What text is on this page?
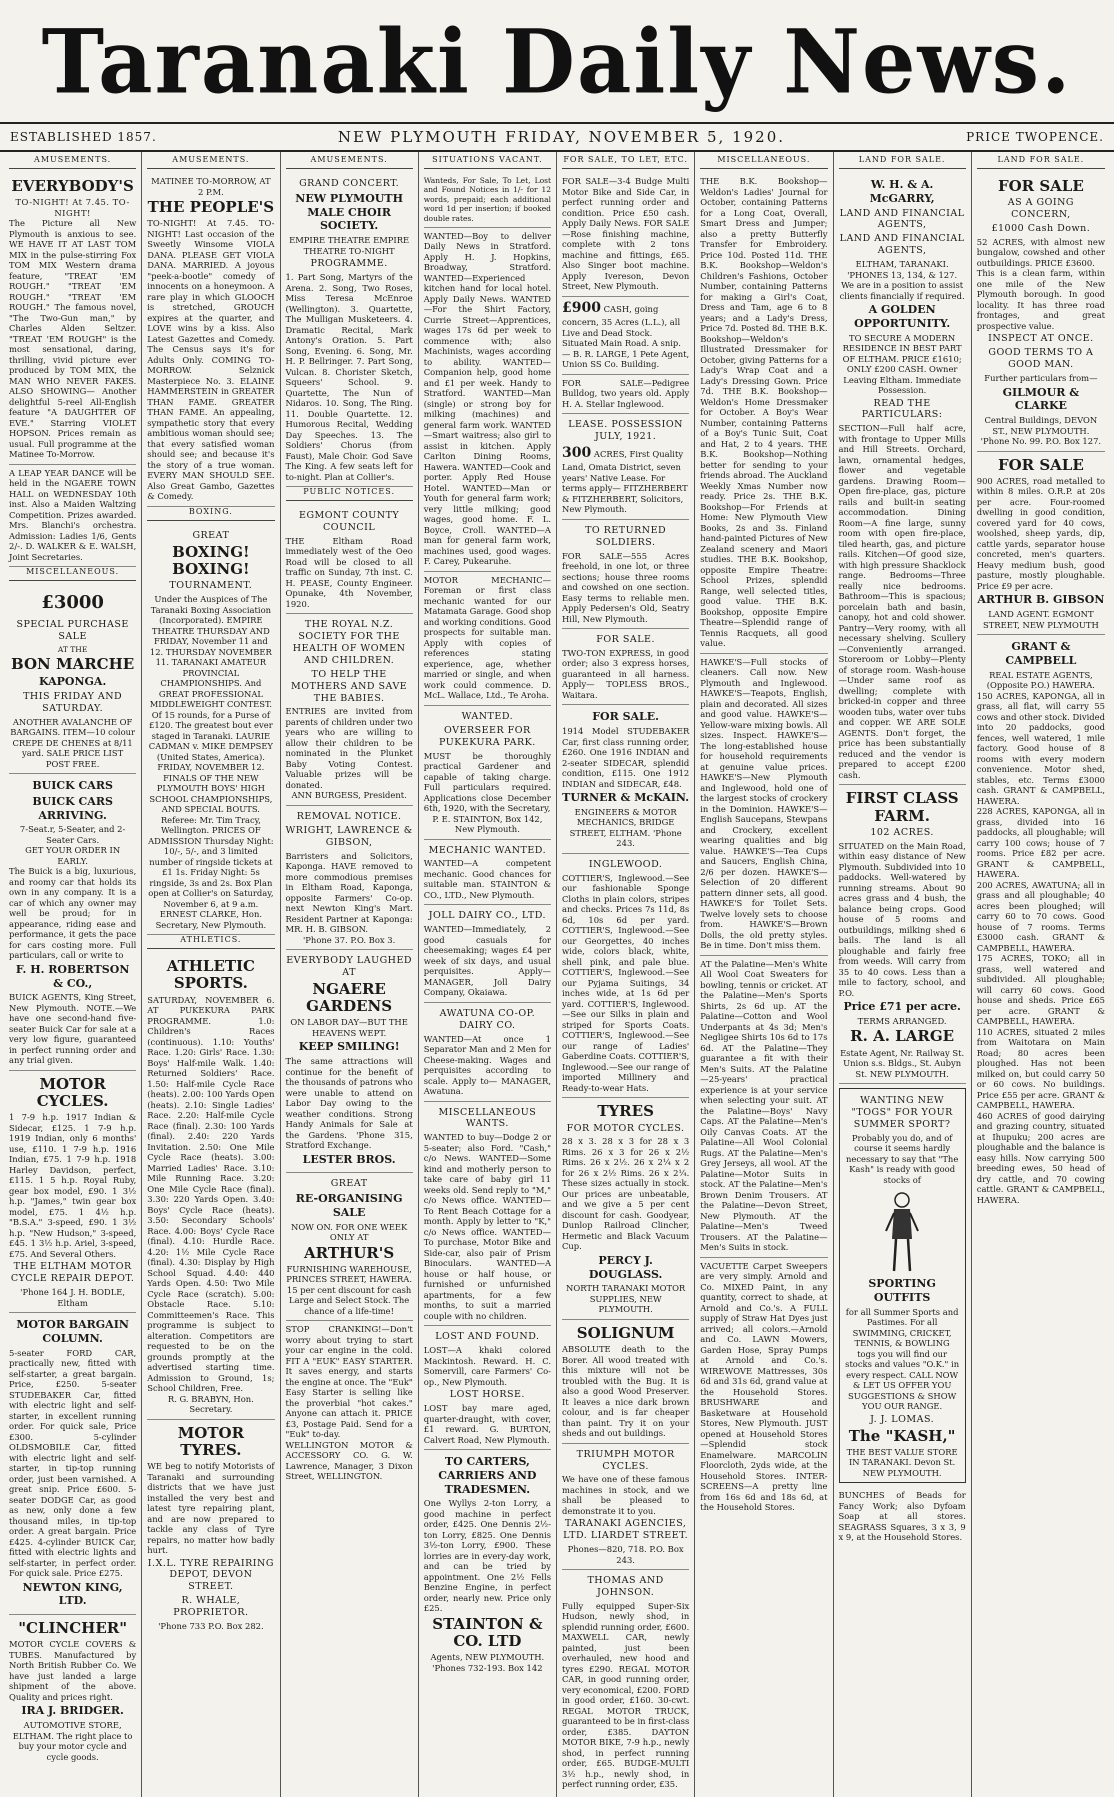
Taranaki Daily News.
ESTABLISHED 1857.	NEW PLYMOUTH FRIDAY, NOVEMBER 5, 1920.	PRICE TWOPENCE.
AMUSEMENTS.
EVERYBODY'S
TO-NIGHT! At 7.45. TO-NIGHT!
The Picture all New Plymouth is anxious to see. WE HAVE IT AT LAST TOM MIX in the pulse-stirring Fox TOM MIX Western drama feature, "TREAT 'EM ROUGH." "TREAT 'EM ROUGH." "TREAT 'EM ROUGH." The famous novel, "The Two-Gun man," by Charles Alden Seltzer. "TREAT 'EM ROUGH" is the most sensational, daring, thrilling, vivid picture ever produced by TOM MIX, the MAN WHO NEVER FAKES. ALSO SHOWING— Another delightful 5-reel All-English feature "A DAUGHTER OF EVE." Starring VIOLET HOPSON. Prices remain as usual. Full programme at the Matinee To-Morrow.
A LEAP YEAR DANCE will be held in the NGAERE TOWN HALL on WEDNESDAY 10th inst. Also a Maiden Waltzing Competition. Prizes awarded. Mrs. Blanchi's orchestra. Admission: Ladies 1/6, Gents 2/-. D. WALKER & E. WALSH, Joint Secretaries.
MISCELLANEOUS.
£3000
SPECIAL PURCHASE SALE
AT THE
BON MARCHE
KAPONGA.
THIS FRIDAY AND SATURDAY.
ANOTHER AVALANCHE OF BARGAINS. ITEM—10 colour CREPE DE CHENES at 8/11 yard. SALE PRICE LIST POST FREE.
BUICK CARS
BUICK CARS ARRIVING.
7-Seat.r, 5-Seater, and 2-Seater Cars.
GET YOUR ORDER IN EARLY.
The Buick is a big, luxurious, and roomy car that holds its own in any company. It is a car of which any owner may well be proud; for in appearance, riding ease and performance, it gets the pace for cars costing more. Full particulars, call or write to
F. H. ROBERTSON & CO.,
BUICK AGENTS, King Street, New Plymouth. NOTE.—We have one second-hand five-seater Buick Car for sale at a very low figure, guaranteed in perfect running order and any trial given.
MOTOR CYCLES.
1 7-9 h.p. 1917 Indian & Sidecar, £125. 1 7-9 h.p. 1919 Indian, only 6 months' use, £110. 1 7-9 h.p. 1916 Indian, £75. 1 7-9 h.p. 1918 Harley Davidson, perfect, £115. 1 5 h.p. Royal Ruby, gear box model, £90. 1 3½ h.p. "James," twin gear box model, £75. 1 4½ h.p. "B.S.A." 3-speed, £90. 1 3½ h.p. "New Hudson," 3-speed, £45. 1 3½ h.p. Ariel, 3-speed, £75. And Several Others.
THE ELTHAM MOTOR CYCLE REPAIR DEPOT.
'Phone 164 J. H. BODLE, Eltham
MOTOR BARGAIN COLUMN.
5-seater FORD CAR, practically new, fitted with self-starter, a great bargain. Price, £250. 5-seater STUDEBAKER Car, fitted with electric light and self-starter, in excellent running order. For quick sale, Price £300. 5-cylinder OLDSMOBILE Car, fitted with electric light and self-starter, in tip-top running order, just been varnished. A great snip. Price £600. 5-seater DODGE Car, as good as new, only done a few thousand miles, in tip-top order. A great bargain. Price £425. 4-cylinder BUICK Car, fitted with electric lights and self-starter, in perfect order. For quick sale. Price £275.
NEWTON KING, LTD.
"CLINCHER"
MOTOR CYCLE COVERS & TUBES. Manufactured by North British Rubber Co. We have just landed a large shipment of the above. Quality and prices right.
IRA J. BRIDGER.
AUTOMOTIVE STORE, ELTHAM. The right place to buy your motor cycle and cycle goods.
AMUSEMENTS.
MATINEE TO-MORROW, AT 2 P.M.
THE PEOPLE'S
TO-NIGHT! At 7.45. TO-NIGHT! Last occasion of the Sweetly Winsome VIOLA DANA. PLEASE GET VIOLA DANA. MARRIED. A joyous "peek-a-bootle" comedy of innocents on a honeymoon. A rare play in which GLOOCH is stretched, GROUCH expires at the quarter, and LOVE wins by a kiss. Also Latest Gazettes and Comedy. The Census says it's for Adults Only. COMING TO-MORROW. Selznick Masterpiece No. 3. ELAINE HAMMERSTEIN in GREATER THAN FAME. GREATER THAN FAME. An appealing, sympathetic story that every ambitious woman should see; that every satisfied woman should see; and because it's the story of a true woman. EVERY MAN SHOULD SEE. Also Great Gambo, Gazettes & Comedy.
BOXING.
GREAT
BOXING! BOXING!
TOURNAMENT.
Under the Auspices of The Taranaki Boxing Association (Incorporated). EMPIRE THEATRE THURSDAY AND FRIDAY, November 11 and 12. THURSDAY NOVEMBER 11. TARANAKI AMATEUR PROVINCIAL CHAMPIONSHIPS. And GREAT PROFESSIONAL MIDDLEWEIGHT CONTEST. Of 15 rounds, for a Purse of £120. The greatest bout ever staged in Taranaki. LAURIE CADMAN v. MIKE DEMPSEY (United States, America). FRIDAY, NOVEMBER 12. FINALS OF THE NEW PLYMOUTH BOYS' HIGH SCHOOL CHAMPIONSHIPS, AND SPECIAL BOUTS. Referee: Mr. Tim Tracy, Wellington. PRICES OF ADMISSION Thursday Night: 10/-, 5/-, and 3 limited number of ringside tickets at £1 1s. Friday Night: 5s ringside, 3s and 2s. Box Plan open at Collier's on Saturday, November 6, at 9 a.m.
ERNEST CLARKE, Hon. Secretary, New Plymouth.
ATHLETICS.
ATHLETIC SPORTS.
SATURDAY, NOVEMBER 6. AT PUKEKURA PARK PROGRAMME. 1.0: Children's Races (continuous). 1.10: Youths' Race. 1.20: Girls' Race. 1.30: Boys' Half-mile Walk. 1.40: Returned Soldiers' Race. 1.50: Half-mile Cycle Race (heats). 2.00: 100 Yards Open (heats). 2.10: Single Ladies' Race. 2.20: Half-mile Cycle Race (final). 2.30: 100 Yards (final). 2.40: 220 Yards Invitation. 2.50: One Mile Cycle Race (heats). 3.00: Married Ladies' Race. 3.10: Mile Running Race. 3.20: One Mile Cycle Race (final). 3.30: 220 Yards Open. 3.40: Boys' Cycle Race (heats). 3.50: Secondary Schools' Race. 4.00: Boys' Cycle Race (final). 4.10: Hurdle Race. 4.20: 1½ Mile Cycle Race (final). 4.30: Display by High School Squad. 4.40: 440 Yards Open. 4.50: Two Mile Cycle Race (scratch). 5.00: Obstacle Race. 5.10: Committeemen's Race. This programme is subject to alteration. Competitors are requested to be on the grounds promptly at the advertised starting time. Admission to Ground, 1s; School Children, Free.
R. G. BRABYN, Hon. Secretary.
MOTOR TYRES.
WE beg to notify Motorists of Taranaki and surrounding districts that we have just installed the very best and latest tyre repairing plant, and are now prepared to tackle any class of Tyre repairs, no matter how badly hurt.
I.X.L. TYRE REPAIRING DEPOT, DEVON STREET.
R. WHALE, PROPRIETOR.
'Phone 733 P.O. Box 282.
AMUSEMENTS.
GRAND CONCERT.
NEW PLYMOUTH MALE CHOIR SOCIETY.
EMPIRE THEATRE EMPIRE THEATRE TO-NIGHT
PROGRAMME.
1. Part Song, Martyrs of the Arena. 2. Song, Two Roses, Miss Teresa McEnroe (Wellington). 3. Quartette, The Mulligan Musketeers. 4. Dramatic Recital, Mark Antony's Oration. 5. Part Song, Evening. 6. Song, Mr. H. P. Bellringer. 7. Part Song, Vulcan. 8. Chorister Sketch, Squeers' School. 9. Quartette, The Nun of Nidaros. 10. Song, The Ring. 11. Double Quartette. 12. Humorous Recital, Wedding Day Speeches. 13. The Soldiers' Chorus (from Faust), Male Choir. God Save The King. A few seats left for to-night. Plan at Collier's.
PUBLIC NOTICES.
EGMONT COUNTY COUNCIL
THE Eltham Road immediately west of the Oeo Road will be closed to all traffic on Sunday, 7th inst. C. H. PEASE, County Engineer. Opunake, 4th November, 1920.
THE ROYAL N.Z. SOCIETY FOR THE HEALTH OF WOMEN AND CHILDREN.
TO HELP THE MOTHERS AND SAVE THE BABIES.
ENTRIES are invited from parents of children under two years who are willing to allow their children to be nominated in the Plunket Baby Voting Contest. Valuable prizes will be donated.
ANN BURGESS, President.
REMOVAL NOTICE.
WRIGHT, LAWRENCE & GIBSON,
Barristers and Solicitors, Kaponga. HAVE removed to more commodious premises in Eltham Road, Kaponga, opposite Farmers' Co-op. next Newton King's Mart. Resident Partner at Kaponga: MR. H. B. GIBSON.
'Phone 37. P.O. Box 3.
EVERYBODY LAUGHED AT
NGAERE GARDENS
ON LABOR DAY—BUT THE HEAVENS WEPT.
KEEP SMILING!
The same attractions will continue for the benefit of the thousands of patrons who were unable to attend on Labor Day owing to the weather conditions. Strong Handy Animals for Sale at the Gardens. 'Phone 315, Stratford Exchange.
LESTER BROS.
GREAT
RE-ORGANISING SALE
NOW ON. FOR ONE WEEK ONLY AT
ARTHUR'S
FURNISHING WAREHOUSE, PRINCES STREET, HAWERA. 15 per cent discount for cash Large and Select Stock. The chance of a life-time!
STOP CRANKING!—Don't worry about trying to start your car engine in the cold. FIT A "EUK" EASY STARTER. It saves energy, and starts the engine at once. The "Euk" Easy Starter is selling like the proverbial "hot cakes." Anyone can attach it. PRICE £3, Postage Paid. Send for a "Euk" to-day.
WELLINGTON MOTOR & ACCESSORY CO. G. W. Lawrence, Manager, 3 Dixon Street, WELLINGTON.
SITUATIONS VACANT.
Wanteds, For Sale, To Let, Lost and Found Notices in 1/- for 12 words, prepaid; each additional word 1d per insertion; if booked double rates.
WANTED—Boy to deliver Daily News in Stratford. Apply H. J. Hopkins, Broadway, Stratford. WANTED—Experienced kitchen hand for local hotel. Apply Daily News. WANTED—For the Shirt Factory, Currie Street—Apprentices, wages 17s 6d per week to commence with; also Machinists, wages according to ability. WANTED—Companion help, good home and £1 per week. Handy to Stratford. WANTED—Man (single) or strong boy for milking (machines) and general farm work. WANTED—Smart waitress; also girl to assist in kitchen. Apply Carlton Dining Rooms, Hawera. WANTED—Cook and porter. Apply Red House Hotel. WANTED—Man or Youth for general farm work; very little milking; good wages, good home. F. L. Boyce, Croll. WANTED—A man for general farm work, machines used, good wages. F. Carey, Pukearuhe.
MOTOR MECHANIC—Foreman or first class mechanic wanted for our Matamata Garage. Good shop and working conditions. Good prospects for suitable man. Apply with copies of references stating experience, age, whether married or single, and when work could commence. D. McL. Wallace, Ltd., Te Aroha.
WANTED.
OVERSEER FOR PUKEKURA PARK.
MUST be thoroughly practical Gardener and capable of taking charge. Full particulars required. Applications close December 6th, 1920, with the Secretary,
P. E. STAINTON, Box 142, New Plymouth.
MECHANIC WANTED.
WANTED—A competent mechanic. Good chances for suitable man. STAINTON & CO., LTD., New Plymouth.
JOLL DAIRY CO., LTD.
WANTED—Immediately, 2 good casuals for cheesemaking; wages £4 per week of six days, and usual perquisites. Apply— MANAGER, Joll Dairy Company, Okaiawa.
AWATUNA CO-OP. DAIRY CO.
WANTED—At once 1 Separator Man and 2 Men for Cheese-making. Wages and perquisites according to scale. Apply to— MANAGER, Awatuna.
MISCELLANEOUS WANTS.
WANTED to buy—Dodge 2 or 5-seater; also Ford. "Cash," c/o News. WANTED—Some kind and motherly person to take care of baby girl 11 weeks old. Send reply to "M," c/o News office. WANTED—To Rent Beach Cottage for a month. Apply by letter to "K," c/o News office. WANTED—To purchase, Motor Bike and Side-car, also pair of Prism Binoculars. WANTED—A house or half house, or furnished or unfurnished apartments, for a few months, to suit a married couple with no children.
LOST AND FOUND.
LOST—A khaki colored Mackintosh. Reward. H. C. Somervill, care Farmers' Co-op., New Plymouth.
LOST HORSE.
LOST bay mare aged, quarter-draught, with cover, £1 reward. G. BURTON, Calvert Road, New Plymouth.
TO CARTERS, CARRIERS AND TRADESMEN.
One Wyllys 2-ton Lorry, a good machine in perfect order, £425. One Dennis 2½-ton Lorry, £825. One Dennis 3½-ton Lorry, £900. These lorries are in every-day work, and can be tried by appointment. One 2½ Fells Benzine Engine, in perfect order, nearly new. Price only £25.
STAINTON & CO. LTD
Agents, NEW PLYMOUTH.
'Phones 732-193. Box 142
FOR SALE, TO LET, ETC.
FOR SALE—3-4 Budge Multi Motor Bike and Side Car, in perfect running order and condition. Price £50 cash. Apply Daily News. FOR SALE—Rose finishing machine, complete with 2 tons machine and fittings, £65. Also Singer boot machine. Apply Ivereson, Devon Street, New Plymouth.
£900 CASH, going concern, 35 Acres (L.L.), all Live and Dead Stock. Situated Main Road. A snip.— B. R. LARGE, 1 Pete Agent, Union SS Co. Building.
FOR SALE—Pedigree Bulldog, two years old. Apply H. A. Stellar Inglewood.
LEASE. POSSESSION JULY, 1921.
300 ACRES, First Quality Land, Omata District, seven years' Native Lease. For terms apply— FITZHERBERT & FITZHERBERT, Solicitors, New Plymouth.
TO RETURNED SOLDIERS.
FOR SALE—555 Acres freehold, in one lot, or three sections; house three rooms and cowshed on one section. Easy terms to reliable men. Apply Pedersen's Old, Seatry Hill, New Plymouth.
FOR SALE.
TWO-TON EXPRESS, in good order; also 3 express horses, guaranteed in all harness. Apply— TOPLESS BROS., Waitara.
FOR SALE.
1914 Model STUDEBAKER Car, first class running order, £260. One 1916 INDIAN and 2-seater SIDECAR, splendid condition, £115. One 1912 INDIAN and SIDECAR, £48.
TURNER & McKAIN.
ENGINEERS & MOTOR MECHANICS, BRIDGE STREET, ELTHAM. 'Phone 243.
INGLEWOOD.
COTTIER'S, Inglewood.—See our fashionable Sponge Cloths in plain colors, stripes and checks. Prices 7s 11d, 8s 6d, 10s 6d per yard. COTTIER'S, Inglewood.—See our Georgettes, 40 inches wide, colors black, white, shell pink, and pale blue. COTTIER'S, Inglewood.—See our Pyjama Suitings, 34 inches wide, at 1s 6d per yard. COTTIER'S, Inglewood.—See our Silks in plain and striped for Sports Coats. COTTIER'S, Inglewood.—See our range of Ladies' Gaberdine Coats. COTTIER'S, Inglewood.—See our range of imported Millinery and Ready-to-wear Hats.
TYRES
FOR MOTOR CYCLES.
28 x 3. 28 x 3 for 28 x 3 Rims. 26 x 3 for 26 x 2½ Rims. 26 x 2½. 26 x 2¼ x 2 for 26 x 2½ Rims. 26 x 2¼. These sizes actually in stock. Our prices are unbeatable, and we give a 5 per cent discount for cash. Goodyear, Dunlop Railroad Clincher, Hermetic and Black Vacuum Cup.
PERCY J. DOUGLASS.
NORTH TARANAKI MOTOR SUPPLIES, NEW PLYMOUTH.
SOLIGNUM
ABSOLUTE death to the Borer. All wood treated with this mixture will not be troubled with the Bug. It is also a good Wood Preserver. It leaves a nice dark brown colour, and is far cheaper than paint. Try it on your sheds and out buildings.
TRIUMPH MOTOR CYCLES.
We have one of these famous machines in stock, and we shall be pleased to demonstrate it to you.
TARANAKI AGENCIES, LTD. LIARDET STREET.
Phones—820, 718. P.O. Box 243.
THOMAS AND JOHNSON.
Fully equipped Super-Six Hudson, newly shod, in splendid running order, £600. MAXWELL CAR, newly painted, just been overhauled, new hood and tyres £290. REGAL MOTOR CAR, in good running order, very economical, £200. FORD in good order, £160. 30-cwt. REGAL MOTOR TRUCK, guaranteed to be in first-class order, £385. DAYTON MOTOR BIKE, 7-9 h.p., newly shod, in perfect running order, £65. BUDGE-MULTI 3½ h.p., newly shod, in perfect running order, £35.
MISCELLANEOUS.
THE B.K. Bookshop—Weldon's Ladies' Journal for October, containing Patterns for a Long Coat, Overall, Smart Dress and Jumper; also a pretty Butterfly Transfer for Embroidery. Price 10d. Posted 11d. THE B.K. Bookshop—Weldon's Children's Fashions, October Number, containing Patterns for making a Girl's Coat, Dress and Tam, age 6 to 8 years; and a Lady's Dress, Price 7d. Posted 8d. THE B.K. Bookshop—Weldon's Illustrated Dressmaker for October, giving Patterns for a Lady's Wrap Coat and a Lady's Dressing Gown. Price 7d. THE B.K. Bookshop—Weldon's Home Dressmaker for October. A Boy's Wear Number, containing Patterns of a Boy's Tunic Suit, Coat and Hat, 2 to 4 years. THE B.K. Bookshop—Nothing better for sending to your friends abroad. The Auckland Weekly Xmas Number now ready. Price 2s. THE B.K. Bookshop—For Friends at Home: New Plymouth View Books, 2s and 3s. Finland hand-painted Pictures of New Zealand scenery and Maori studies. THE B.K. Bookshop, opposite Empire Theatre: School Prizes, splendid Range, well selected titles, good value. THE B.K. Bookshop, opposite Empire Theatre—Splendid range of Tennis Racquets, all good value.
HAWKE'S—Full stocks of cleaners. Call now. New Plymouth and Inglewood. HAWKE'S—Teapots, English, plain and decorated. All sizes and good value. HAWKE'S—Yellow-ware mixing bowls. All sizes. Inspect. HAWKE'S—The long-established house for household requirements at genuine value prices. HAWKE'S—New Plymouth and Inglewood, hold one of the largest stocks of crockery in the Dominion. HAWKE'S—English Saucepans, Stewpans and Crockery, excellent wearing qualities and big value. HAWKE'S—Tea Cups and Saucers, English China, 2/6 per dozen. HAWKE'S—Selection of 20 different pattern dinner sets, all good. HAWKE'S for Toilet Sets. Twelve lovely sets to choose from. HAWKE'S—Brown Dolls, the old pretty styles. Be in time. Don't miss them.
AT the Palatine—Men's White All Wool Coat Sweaters for bowling, tennis or cricket. AT the Palatine—Men's Sports Shirts, 2s 6d up. AT the Palatine—Cotton and Wool Underpants at 4s 3d; Men's Negligee Shirts 10s 6d to 17s 6d. AT the Palatine—They guarantee a fit with their Men's Suits. AT the Palatine—25-years' practical experience is at your service when selecting your suit. AT the Palatine—Boys' Navy Caps. AT the Palatine—Men's Oily Canvas Coats. AT the Palatine—All Wool Colonial Rugs. AT the Palatine—Men's Grey Jerseys, all wool. AT the Palatine—Motor Suits in stock. AT the Palatine—Men's Brown Denim Trousers. AT the Palatine—Devon Street, New Plymouth. AT the Palatine—Men's Tweed Trousers. AT the Palatine—Men's Suits in stock.
VACUETTE Carpet Sweepers are very simply. Arnold and Co. MIXED Paint, in any quantity, correct to shade, at Arnold and Co.'s. A FULL supply of Straw Hat Dyes just arrived; all colors.—Arnold and Co. LAWN Mowers, Garden Hose, Spray Pumps at Arnold and Co.'s. WIREWOVE Mattresses, 30s 6d and 31s 6d, grand value at the Household Stores. BRUSHWARE and Basketware at Household Stores, New Plymouth. JUST opened at Household Stores—Splendid stock Enamelware. MARCOLIN Floorcloth, 2yds wide, at the Household Stores. INTER-SCREENS—A pretty line from 16s 6d and 18s 6d, at the Household Stores.
LAND FOR SALE.
W. H. & A. McGARRY,
LAND AND FINANCIAL AGENTS,
LAND AND FINANCIAL AGENTS,
ELTHAM, TARANAKI. 'PHONES 13, 134, & 127.
We are in a position to assist clients financially if required.
A GOLDEN OPPORTUNITY.
TO SECURE A MODERN RESIDENCE IN BEST PART OF ELTHAM. PRICE £1610; ONLY £200 CASH. Owner Leaving Eltham. Immediate Possession.
READ THE PARTICULARS:
SECTION—Full half acre, with frontage to Upper Mills and Hill Streets. Orchard, lawn, ornamental hedges, flower and vegetable gardens. Drawing Room—Open fire-place, gas, picture rails and built-in seating accommodation. Dining Room—A fine large, sunny room with open fire-place, tiled hearth, gas, and picture rails. Kitchen—Of good size, with high pressure Shacklock range. Bedrooms—Three really nice bedrooms. Bathroom—This is spacious; porcelain bath and basin, canopy, hot and cold shower. Pantry—Very roomy, with all necessary shelving. Scullery—Conveniently arranged. Storeroom or Lobby—Plenty of storage room. Wash-house—Under same roof as dwelling; complete with bricked-in copper and three wooden tubs, water over tubs and copper. WE ARE SOLE AGENTS. Don't forget, the price has been substantially reduced and the vendor is prepared to accept £200 cash.
FIRST CLASS FARM.
102 ACRES.
SITUATED on the Main Road, within easy distance of New Plymouth. Subdivided into 10 paddocks. Well-watered by running streams. About 90 acres grass and 4 bush, the balance being crops. Good house of 5 rooms and outbuildings, milking shed 6 bails. The land is all ploughable and fairly free from weeds. Will carry from 35 to 40 cows. Less than a mile to factory, school, and P.O.
Price £71 per acre.
TERMS ARRANGED.
R. A. LARGE
Estate Agent, Nr. Railway St. Union s.s. Bldgs., St. Aubyn St. NEW PLYMOUTH.
WANTING NEW "TOGS" FOR YOUR SUMMER SPORT?
Probably you do, and of course it seems hardly necessary to say that "The Kash" is ready with good stocks of
SPORTING OUTFITS
for all Summer Sports and Pastimes. For all SWIMMING, CRICKET, TENNIS, & BOWLING
togs you will find our stocks and values "O.K." in every respect. CALL NOW & LET US OFFER YOU SUGGESTIONS & SHOW YOU OUR RANGE.
J. J. LOMAS.
The "KASH,"
THE BEST VALUE STORE IN TARANAKI. Devon St. NEW PLYMOUTH.
BUNCHES of Beads for Fancy Work; also Dyfoam Soap at all stores. SEAGRASS Squares, 3 x 3, 9 x 9, at the Household Stores.
LAND FOR SALE.
FOR SALE
AS A GOING CONCERN,
£1000 Cash Down.
52 ACRES, with almost new bungalow, cowshed and other outbuildings. PRICE £3600.
This is a clean farm, within one mile of the New Plymouth borough. In good locality. It has three road frontages, and great prospective value.
INSPECT AT ONCE.
GOOD TERMS TO A GOOD MAN.
Further particulars from—
GILMOUR & CLARKE
Central Buildings, DEVON ST., NEW PLYMOUTH. 'Phone No. 99. P.O. Box 127.
FOR SALE
900 ACRES, road metalled to within 8 miles. O.R.P. at 20s per acre. Four-roomed dwelling in good condition, covered yard for 40 cows, woolshed, sheep yards, dip, cattle yards, separator house concreted, men's quarters. Heavy medium bush, good pasture, mostly ploughable. Price £9 per acre.
ARTHUR B. GIBSON
LAND AGENT. EGMONT STREET, NEW PLYMOUTH
GRANT & CAMPBELL
REAL ESTATE AGENTS, (Opposite P.O.) HAWERA.
150 ACRES, KAPONGA, all in grass, all flat, will carry 55 cows and other stock. Divided into 20 paddocks, good fences, well watered, 1 mile factory. Good house of 8 rooms with every modern convenience. Motor shed, stables, etc. Terms £3000 cash. GRANT & CAMPBELL, HAWERA.
228 ACRES, KAPONGA, all in grass, divided into 16 paddocks, all ploughable; will carry 100 cows; house of 7 rooms. Price £82 per acre. GRANT & CAMPBELL, HAWERA.
200 ACRES, AWATUNA; all in grass and all ploughable; 40 acres been ploughed; will carry 60 to 70 cows. Good house of 7 rooms. Terms £3000 cash. GRANT & CAMPBELL, HAWERA.
175 ACRES, TOKO; all in grass, well watered and subdivided. All ploughable; will carry 60 cows. Good house and sheds. Price £65 per acre. GRANT & CAMPBELL, HAWERA.
110 ACRES, situated 2 miles from Waitotara on Main Road; 80 acres been ploughed. Has not been milked on, but could carry 50 or 60 cows. No buildings. Price £55 per acre. GRANT & CAMPBELL, HAWERA.
460 ACRES of good dairying and grazing country, situated at Ihupuku; 200 acres are ploughable and the balance is easy hills. Now carrying 500 breeding ewes, 50 head of dry cattle, and 70 cowing cattle. GRANT & CAMPBELL, HAWERA.
